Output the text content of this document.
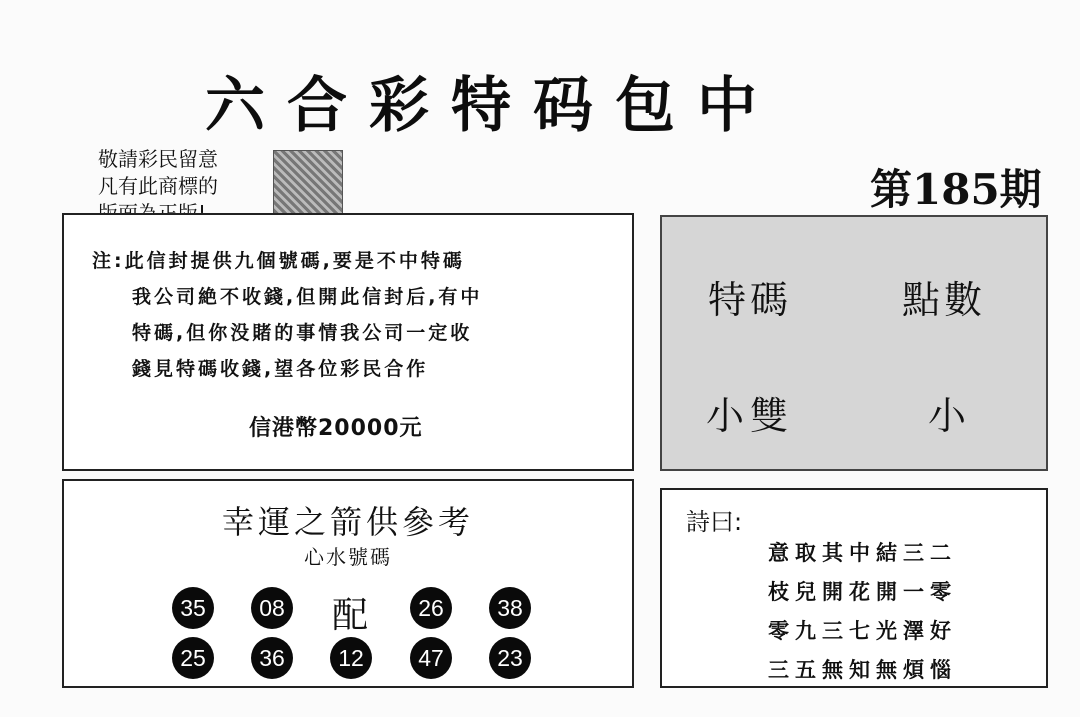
六合彩特码包中
敬請彩民留意
凡有此商標的	第185期
注:此信封提供九個號碼,要是不中特碼
我公司絶不收錢,但開此信封后,有中
特碼,但你没賭的事情我公司一定收
錢見特碼收錢,望各位彩民合作
信港幣20000元
特碼	點數
小雙	小
幸運之箭供參考
心水號碼
35	08 配	26	38
25	36	12	47	23
詩曰:
意取其中結三二
枝兒開花開一零
零九三七光澤好
三五無知無煩惱
